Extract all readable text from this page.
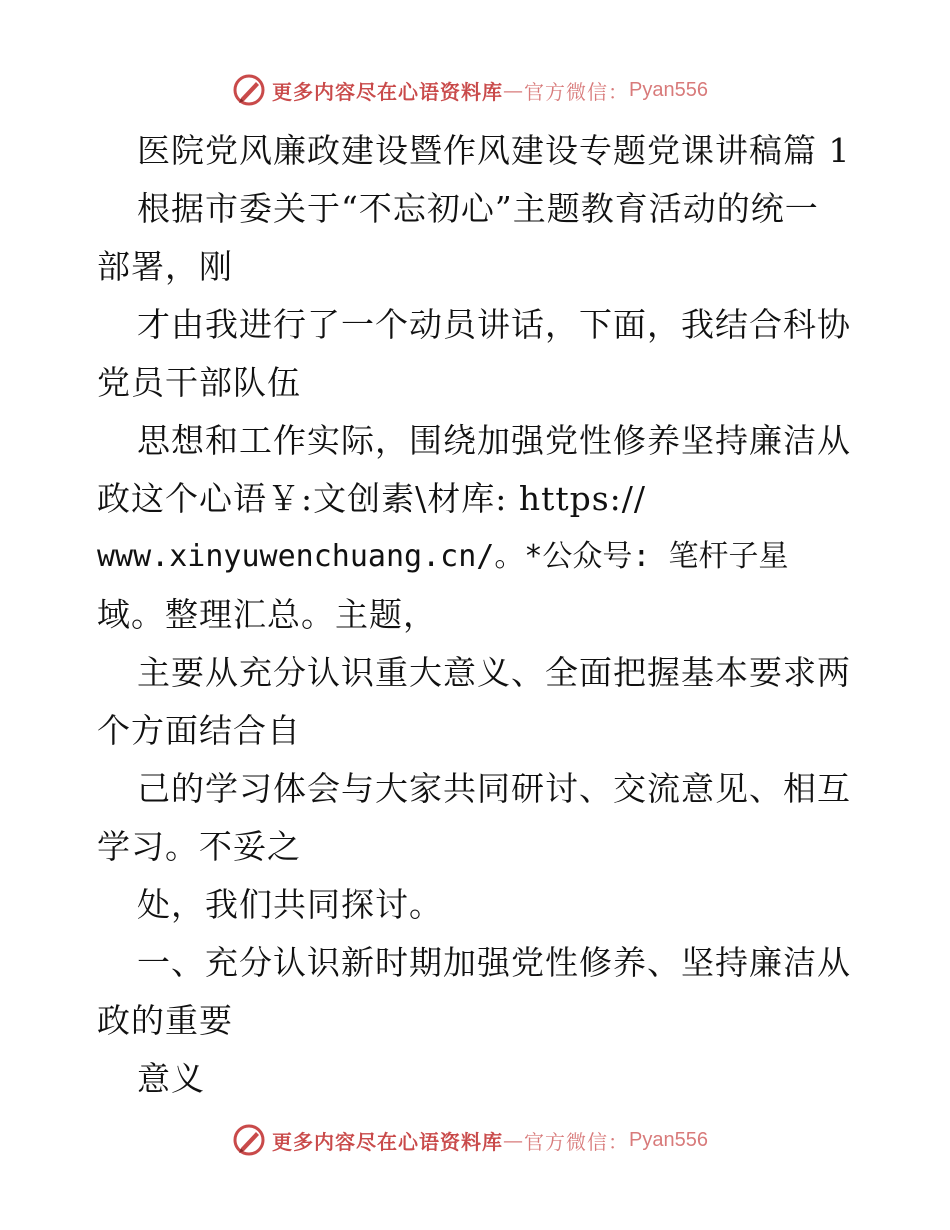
更多内容尽在心语资料库 — 官方微信： Pyan556
医院党风廉政建设暨作风建设专题党课讲稿篇 1
根据市委关于“不忘初心”主题教育活动的统一
部署，刚
才由我进行了一个动员讲话，下面，我结合科协
党员干部队伍
思想和工作实际，围绕加强党性修养坚持廉洁从
政这个心语￥:文创素\材库: https://
www.xinyuwenchuang.cn/。*公众号: 笔杆子星
域。整理汇总。主题，
主要从充分认识重大意义、全面把握基本要求两
个方面结合自
己的学习体会与大家共同研讨、交流意见、相互
学习。不妥之
处，我们共同探讨。
一、充分认识新时期加强党性修养、坚持廉洁从
政的重要
意义
更多内容尽在心语资料库 — 官方微信： Pyan556
